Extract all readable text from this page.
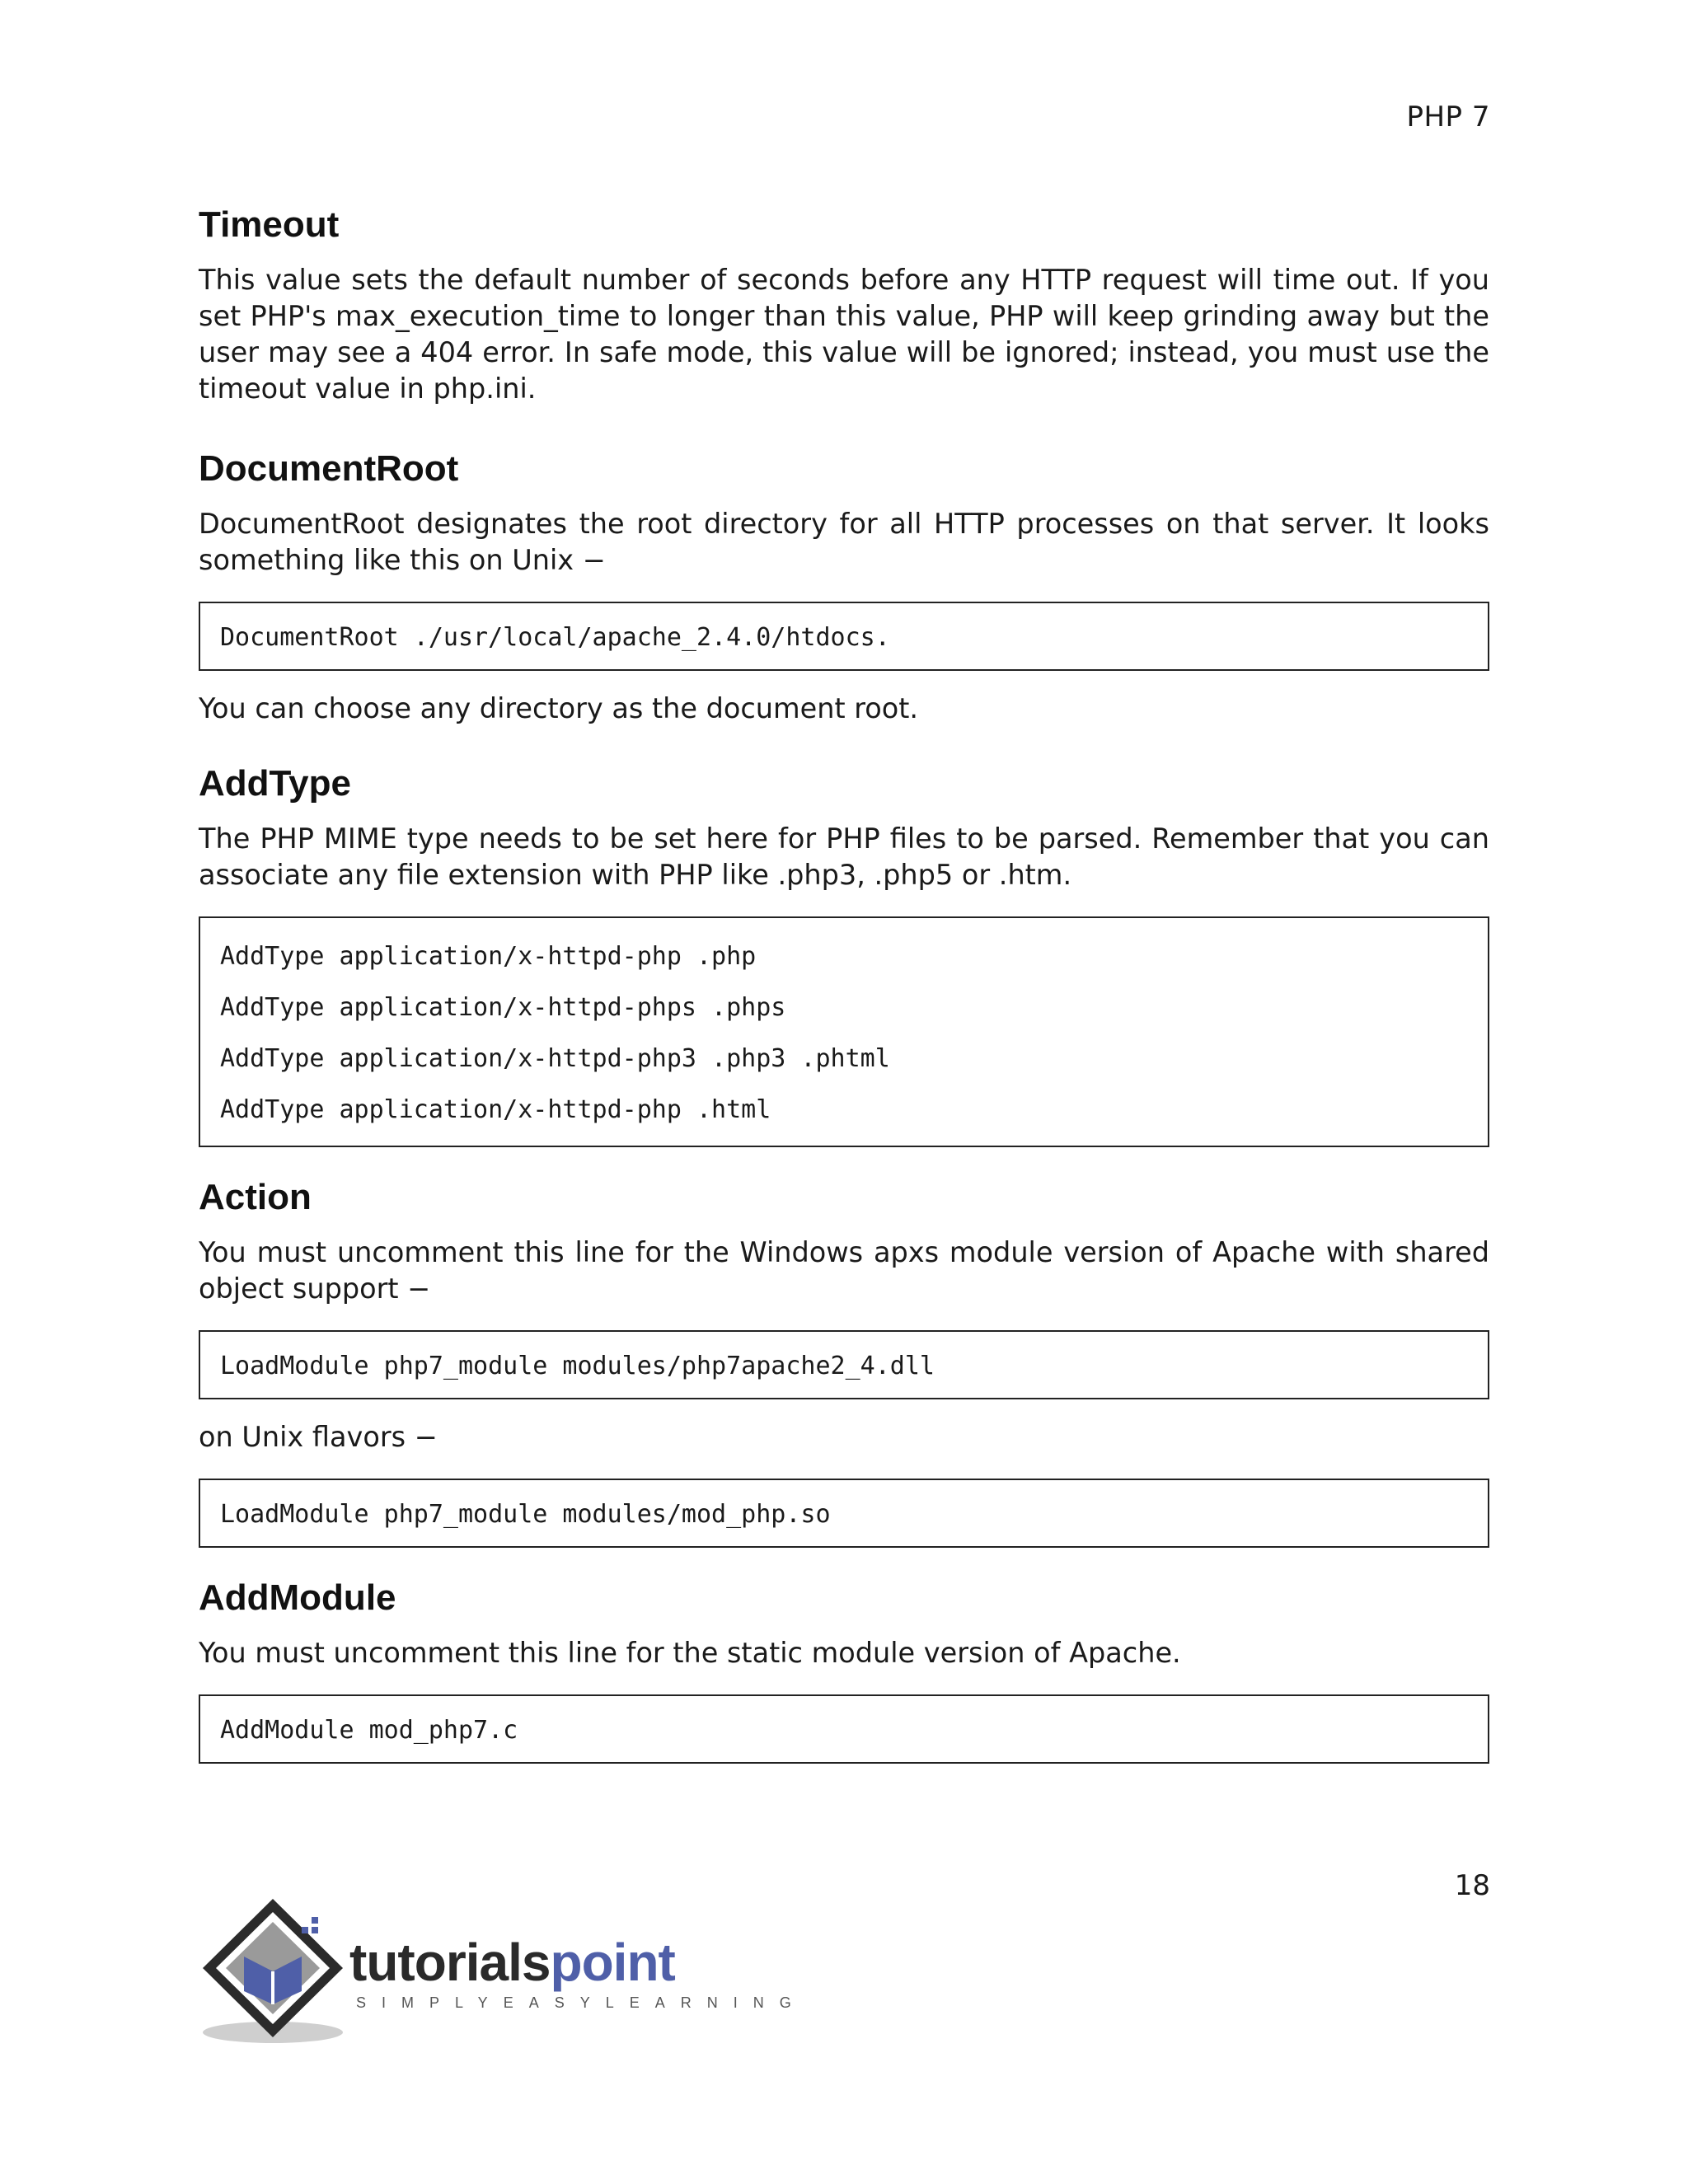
PHP 7
Timeout

This value sets the default number of seconds before any HTTP request will time out. If you set PHP's max_execution_time to longer than this value, PHP will keep grinding away but the user may see a 404 error. In safe mode, this value will be ignored; instead, you must use the timeout value in php.ini.

DocumentRoot

DocumentRoot designates the root directory for all HTTP processes on that server. It looks something like this on Unix −

DocumentRoot ./usr/local/apache_2.4.0/htdocs.

You can choose any directory as the document root.

AddType

The PHP MIME type needs to be set here for PHP files to be parsed. Remember that you can associate any file extension with PHP like .php3, .php5 or .htm.

AddType application/x-httpd-php .php
AddType application/x-httpd-phps .phps
AddType application/x-httpd-php3 .php3 .phtml
AddType application/x-httpd-php .html
Action

You must uncomment this line for the Windows apxs module version of Apache with shared object support −

LoadModule php7_module modules/php7apache2_4.dll

on Unix flavors −

LoadModule php7_module modules/mod_php.so
AddModule

You must uncomment this line for the static module version of Apache.

AddModule mod_php7.c
18
tutorialspoint
SIMPLYEASYLEARNING
